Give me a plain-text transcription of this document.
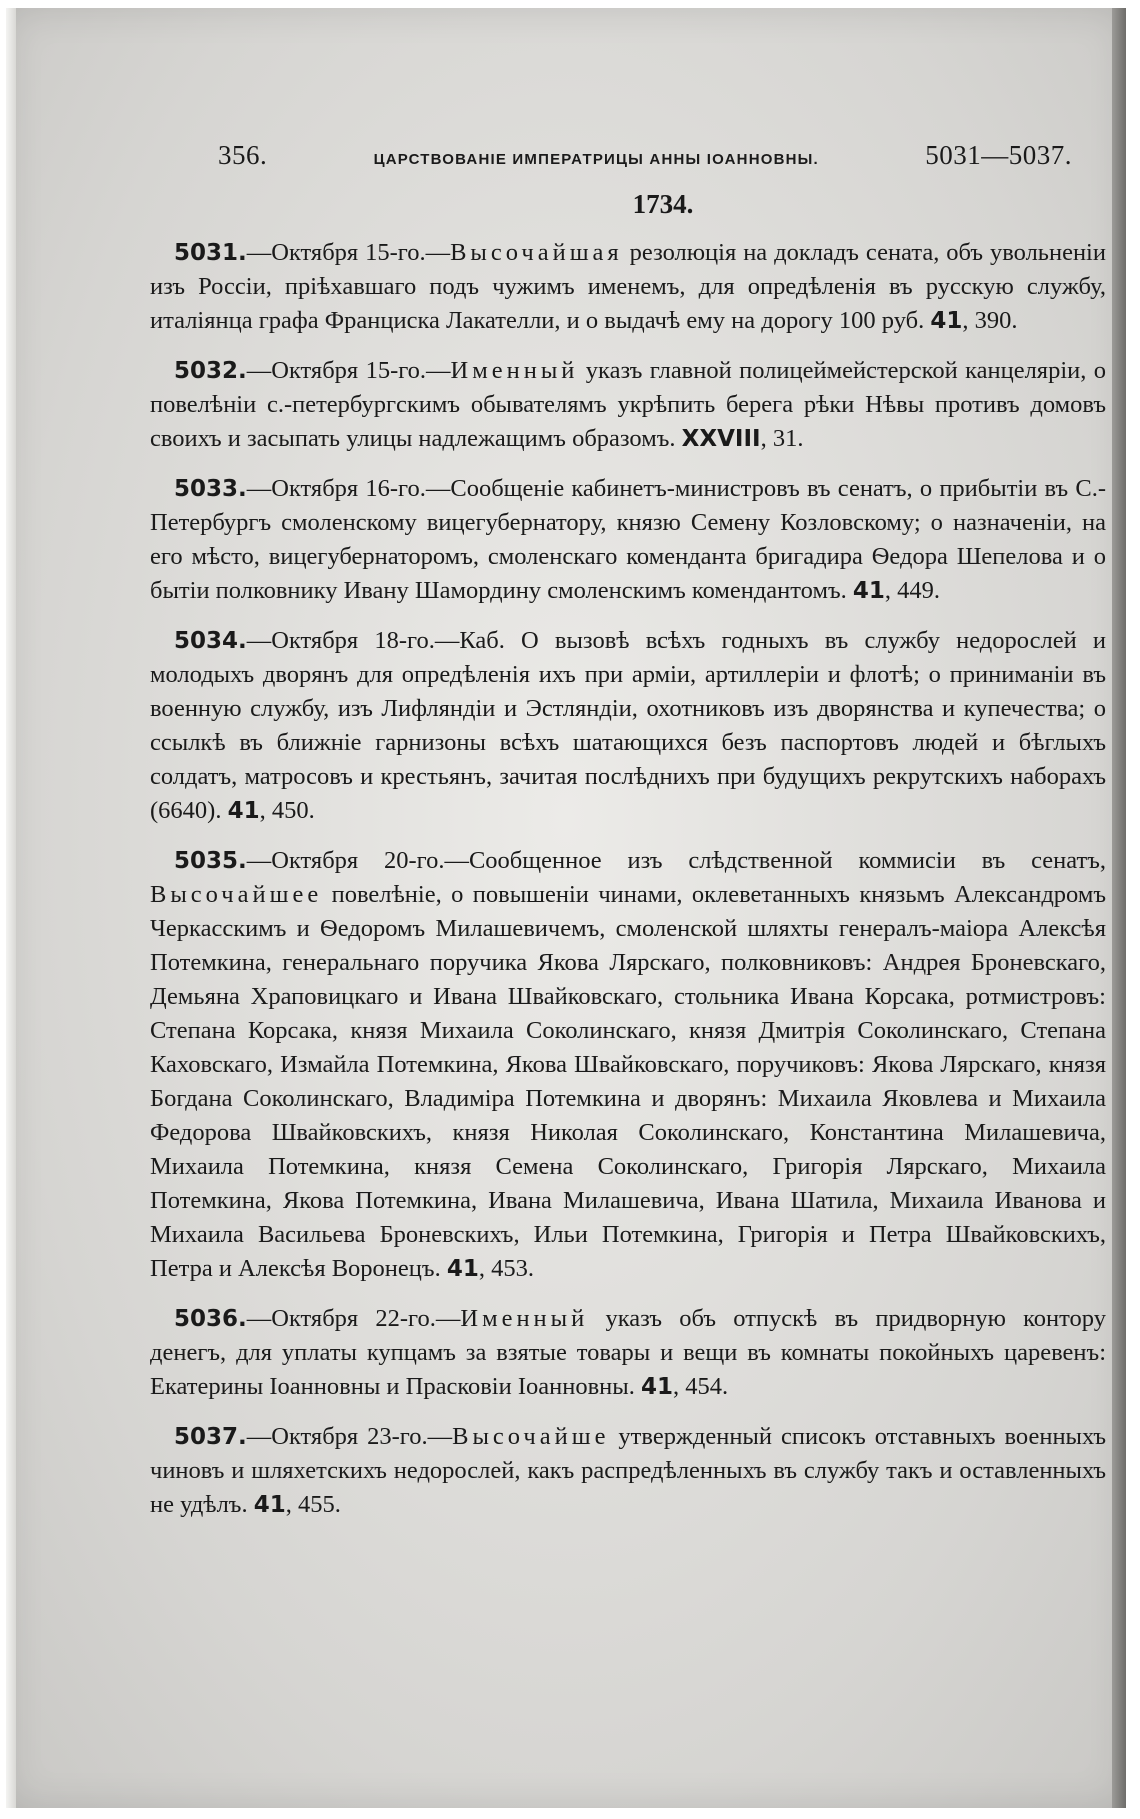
356.	ЦАРСТВОВАНІЕ ИМПЕРАТРИЦЫ АННЫ ІОАННОВНЫ.	5031—5037.
1734.

5031.—Октября 15-го.—Высочайшая резолюція на докладъ сената, объ увольненіи изъ Россіи, пріѣхавшаго подъ чужимъ именемъ, для опредѣленія въ русскую службу, италіянца графа Франциска Лакателли, и о выдачѣ ему на дорогу 100 руб. 41, 390.

5032.—Октября 15-го.—Именный указъ главной полицеймейстерской канцеляріи, о повелѣніи с.-петербургскимъ обывателямъ укрѣпить берега рѣки Нѣвы противъ домовъ своихъ и засыпать улицы надлежащимъ образомъ. XXVIII, 31.

5033.—Октября 16-го.—Сообщеніе кабинетъ-министровъ въ сенатъ, о прибытіи въ С.-Петербургъ смоленскому вицегубернатору, князю Семену Козловскому; о назначеніи, на его мѣсто, вицегубернаторомъ, смоленскаго коменданта бригадира Ѳедора Шепелова и о бытіи полковнику Ивану Шамордину смоленскимъ комендантомъ. 41, 449.

5034.—Октября 18-го.—Каб. О вызовѣ всѣхъ годныхъ въ службу недорослей и молодыхъ дворянъ для опредѣленія ихъ при арміи, артиллеріи и флотѣ; о приниманіи въ военную службу, изъ Лифляндіи и Эстляндіи, охотниковъ изъ дворянства и купечества; о ссылкѣ въ ближніе гарнизоны всѣхъ шатающихся безъ паспортовъ людей и бѣглыхъ солдатъ, матросовъ и крестьянъ, зачитая послѣднихъ при будущихъ рекрутскихъ наборахъ (6640). 41, 450.

5035.—Октября 20-го.—Сообщенное изъ слѣдственной коммисіи въ сенатъ, Высочайшее повелѣніе, о повышеніи чинами, оклеветанныхъ князьмъ Александромъ Черкасскимъ и Ѳедоромъ Милашевичемъ, смоленской шляхты генералъ-маіора Алексѣя Потемкина, генеральнаго поручика Якова Лярскаго, полковниковъ: Андрея Броневскаго, Демьяна Храповицкаго и Ивана Швайковскаго, стольника Ивана Корсака, ротмистровъ: Степана Корсака, князя Михаила Соколинскаго, князя Дмитрія Соколинскаго, Степана Каховскаго, Измайла Потемкина, Якова Швайковскаго, поручиковъ: Якова Лярскаго, князя Богдана Соколинскаго, Владиміра Потемкина и дворянъ: Михаила Яковлева и Михаила Федорова Швайковскихъ, князя Николая Соколинскаго, Константина Милашевича, Михаила Потемкина, князя Семена Соколинскаго, Григорія Лярскаго, Михаила Потемкина, Якова Потемкина, Ивана Милашевича, Ивана Шатила, Михаила Иванова и Михаила Васильева Броневскихъ, Ильи Потемкина, Григорія и Петра Швайковскихъ, Петра и Алексѣя Воронецъ. 41, 453.

5036.—Октября 22-го.—Именный указъ объ отпускѣ въ придворную контору денегъ, для уплаты купцамъ за взятые товары и вещи въ комнаты покойныхъ царевенъ: Екатерины Іоанновны и Прасковіи Іоанновны. 41, 454.

5037.—Октября 23-го.—Высочайше утвержденный списокъ отставныхъ военныхъ чиновъ и шляхетскихъ недорослей, какъ распредѣленныхъ въ службу такъ и оставленныхъ не удѣлъ. 41, 455.
